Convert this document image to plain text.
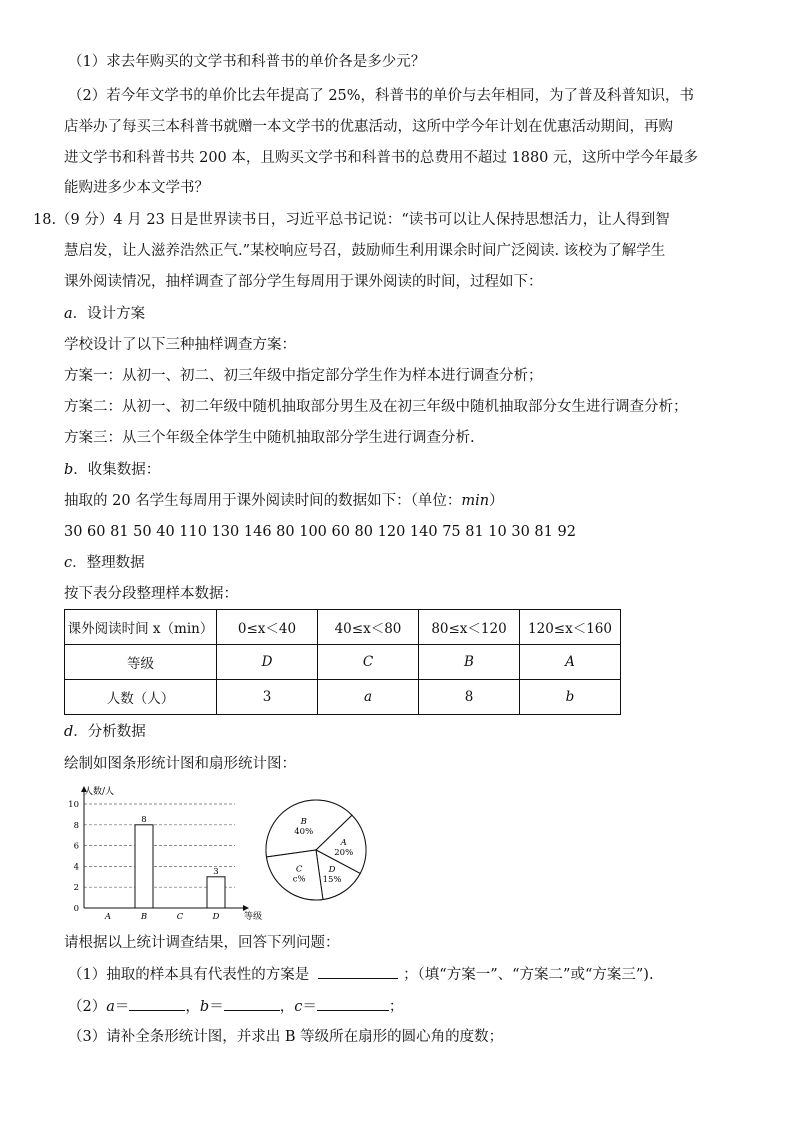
（1）求去年购买的文学书和科普书的单价各是多少元？
（2）若今年文学书的单价比去年提高了 25%，科普书的单价与去年相同，为了普及科普知识，书
店举办了每买三本科普书就赠一本文学书的优惠活动，这所中学今年计划在优惠活动期间，再购
进文学书和科普书共 200 本，且购买文学书和科普书的总费用不超过 1880 元，这所中学今年最多
能购进多少本文学书？
18.（9 分）4 月 23 日是世界读书日，习近平总书记说：“读书可以让人保持思想活力，让人得到智
慧启发，让人滋养浩然正气.”某校响应号召，鼓励师生利用课余时间广泛阅读. 该校为了解学生
课外阅读情况，抽样调查了部分学生每周用于课外阅读的时间，过程如下：
a．设计方案
学校设计了以下三种抽样调查方案：
方案一：从初一、初二、初三年级中指定部分学生作为样本进行调查分析；
方案二：从初一、初二年级中随机抽取部分男生及在初三年级中随机抽取部分女生进行调查分析；
方案三：从三个年级全体学生中随机抽取部分学生进行调查分析.
b．收集数据：
抽取的 20 名学生每周用于课外阅读时间的数据如下：（单位：min）
30 60 81 50 40 110 130 146 80 100 60 80 120 140 75 81 10 30 81 92
c．整理数据
按下表分段整理样本数据：
课外阅读时间 x（min）	0≤x＜40	40≤x＜80	80≤x＜120	120≤x＜160
等级	D	C	B	A
人数（人）	3	a	8	b
d．分析数据
绘制如图条形统计图和扇形统计图：
0
2
4
6
8
10
A	B	C	D
8
3
人数/人
等级
B
40%
A
20%
D
15%
C
c%
请根据以上统计调查结果，回答下列问题：
（1）抽取的样本具有代表性的方案是	；（填“方案一”、“方案二”或“方案三”).
（2）a＝	，b＝	，c＝	；
（3）请补全条形统计图，并求出 B 等级所在扇形的圆心角的度数；
